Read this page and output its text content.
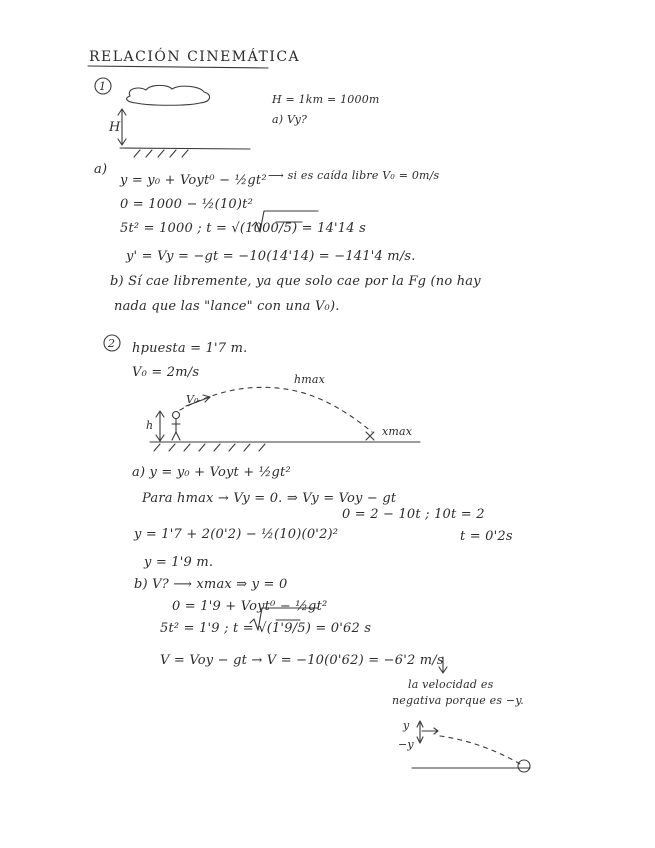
RELACIÓN CINEMÁTICA
1
H
H = 1km = 1000m
a) Vy?
a)
y = y₀ + Voyt⁰ − ½gt² ⟶ si es caída libre V₀ = 0m/s
0 = 1000 − ½(10)t²
5t² = 1000 ; t = √(1000/5) = 14'14 s
y' = Vy = −gt = −10(14'14) = −141'4 m/s.
b) Sí cae libremente, ya que solo cae por la Fg (no hay
nada que las "lance" con una V₀).
2 hpuesta = 1'7 m.
V₀ = 2m/s	hmax
V₀
h	xmax
a) y = y₀ + Voyt + ½gt²
Para hmax → Vy = 0. ⇒ Vy = Voy − gt
0 = 2 − 10t ; 10t = 2
y = 1'7 + 2(0'2) − ½(10)(0'2)²	t = 0'2s
y = 1'9 m.
b) V? ⟶ xmax ⇒ y = 0
0 = 1'9 + Voyt⁰ − ½gt²
5t² = 1'9 ; t = √(1'9/5) = 0'62 s
V = Voy − gt → V = −10(0'62) = −6'2 m/s
la velocidad es
negativa porque es −y.
y
−y
